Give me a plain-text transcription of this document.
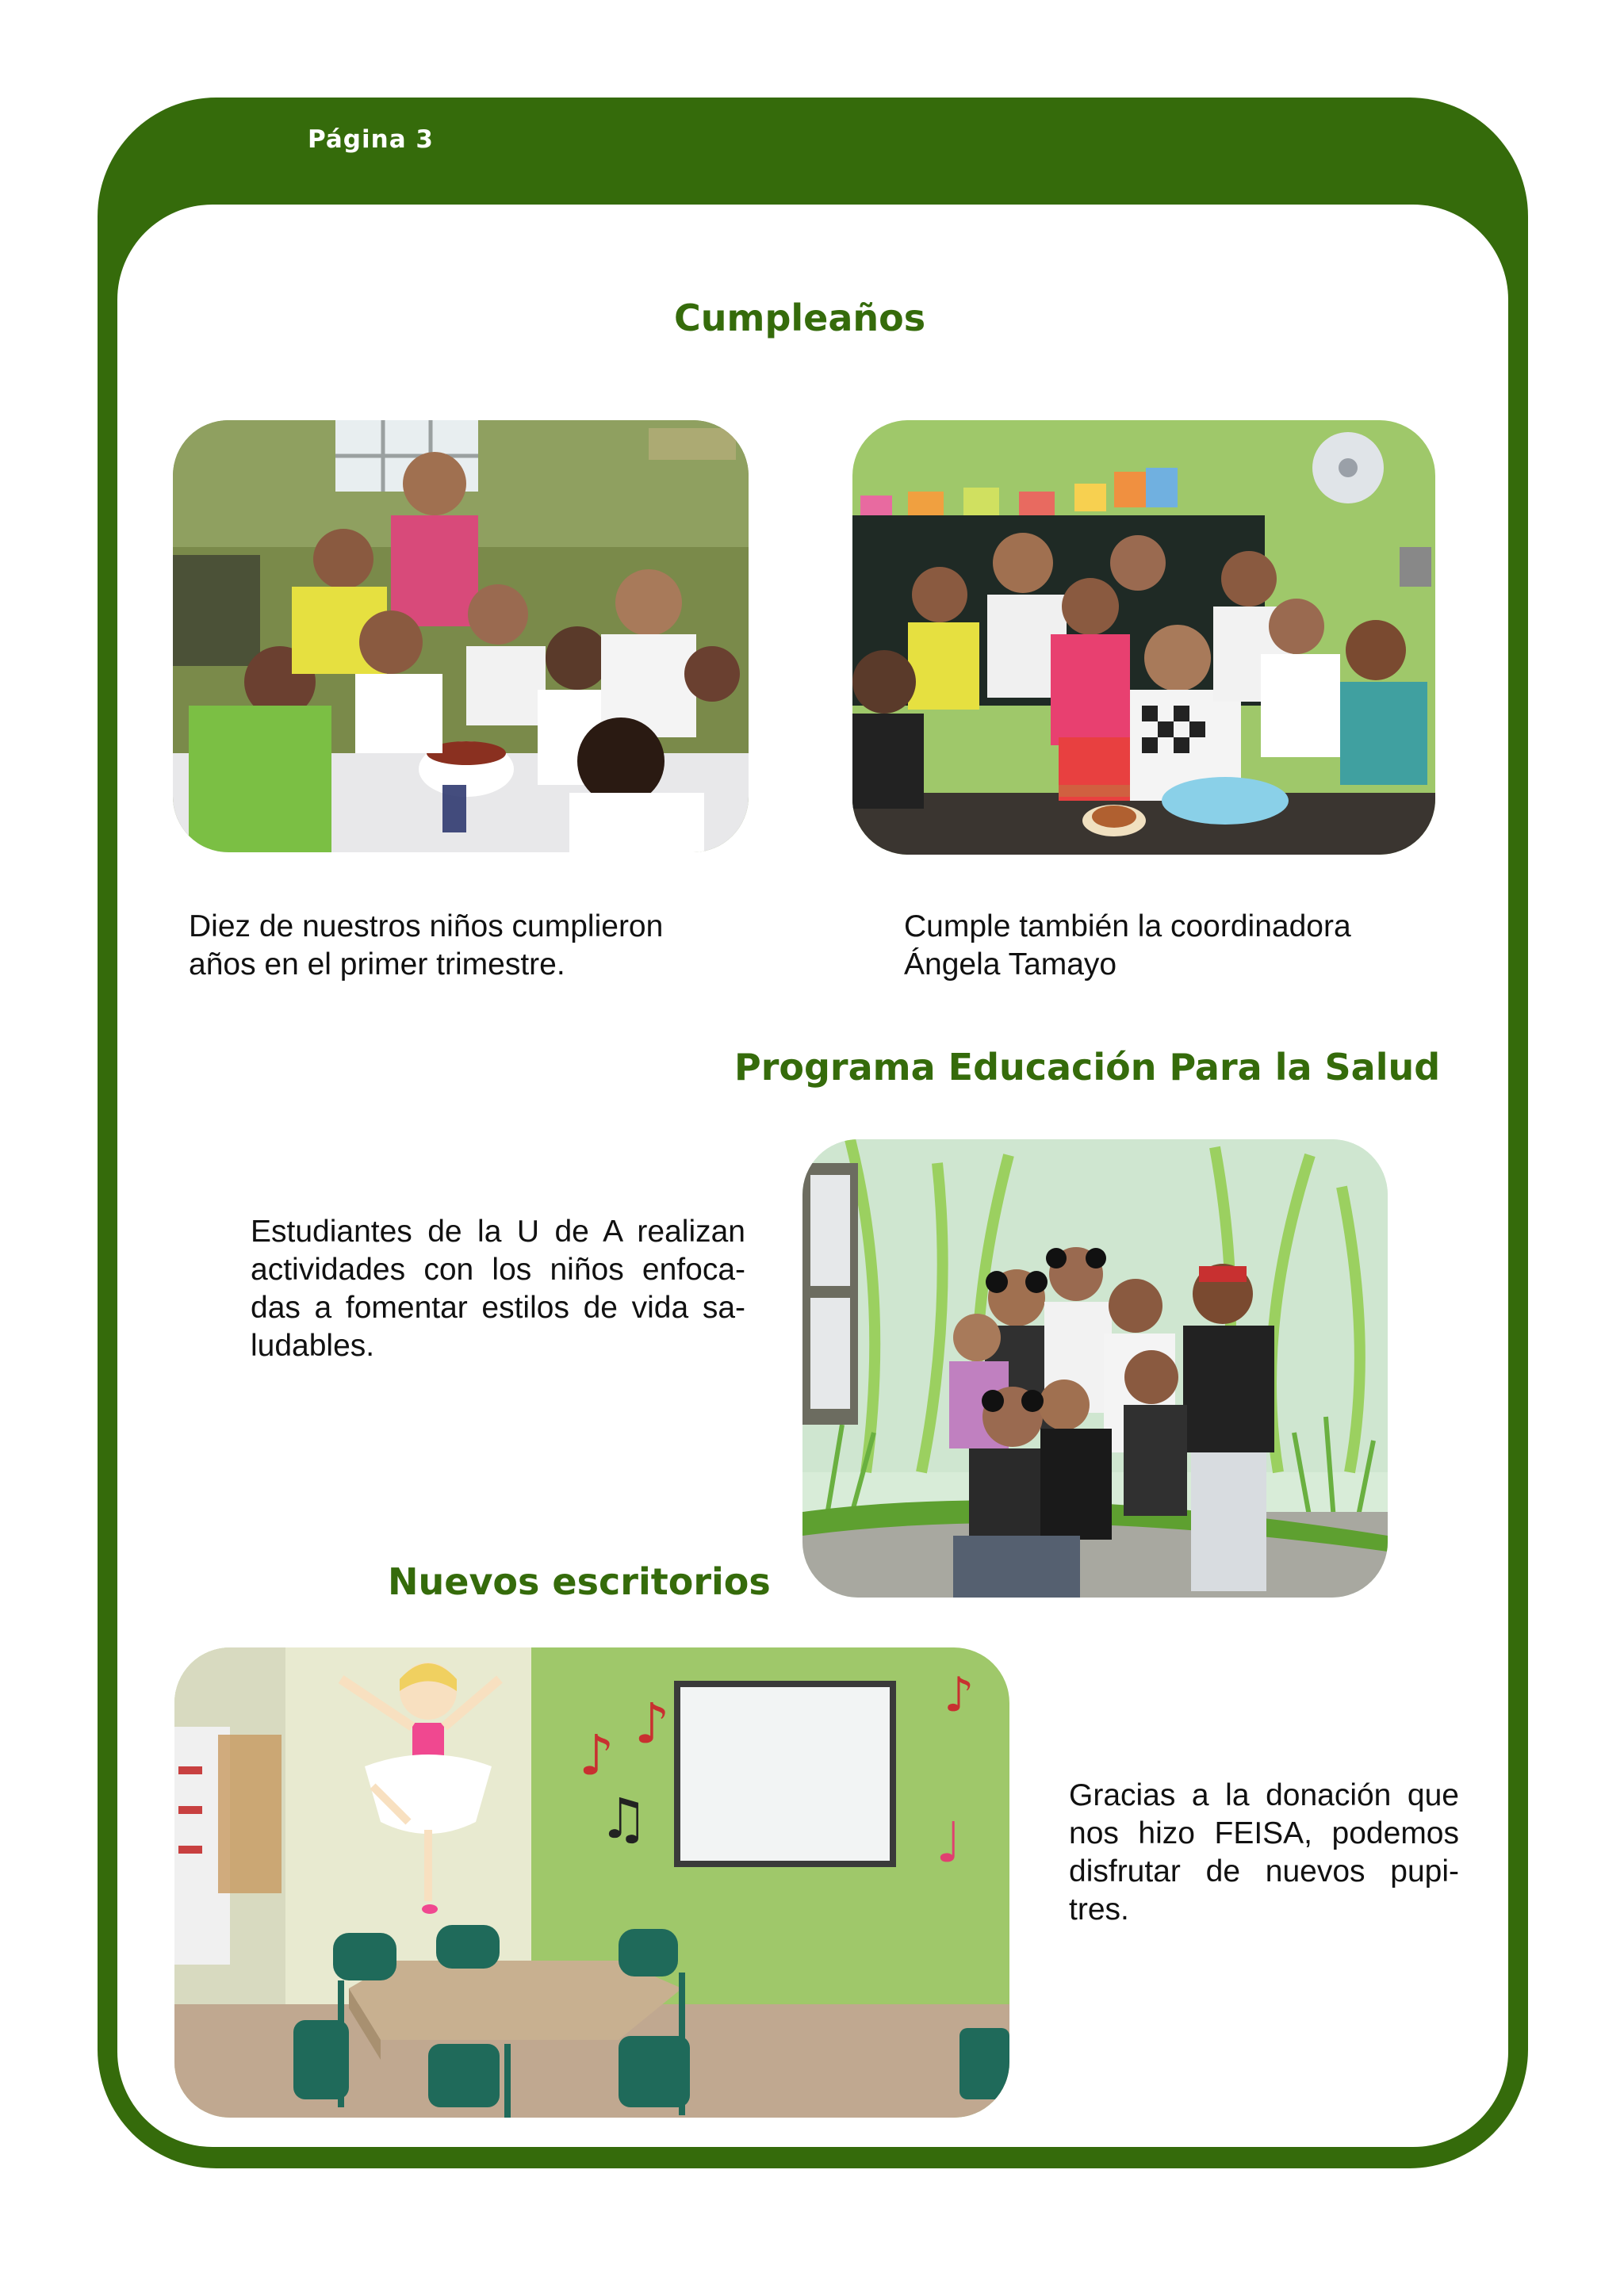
Página 3
Cumpleaños
Diez de nuestros niños cumplieron
años en el primer trimestre.
Cumple también la coordinadora
Ángela Tamayo
Programa Educación Para la Salud
Estudiantes de la U de A realizan
actividades con los niños enfoca-
das a fomentar estilos de vida sa-
ludables.
Nuevos escritorios
♪
♪
♫
♪
♩
Gracias a la donación que
nos hizo FEISA, podemos
disfrutar de nuevos pupi-
tres.
